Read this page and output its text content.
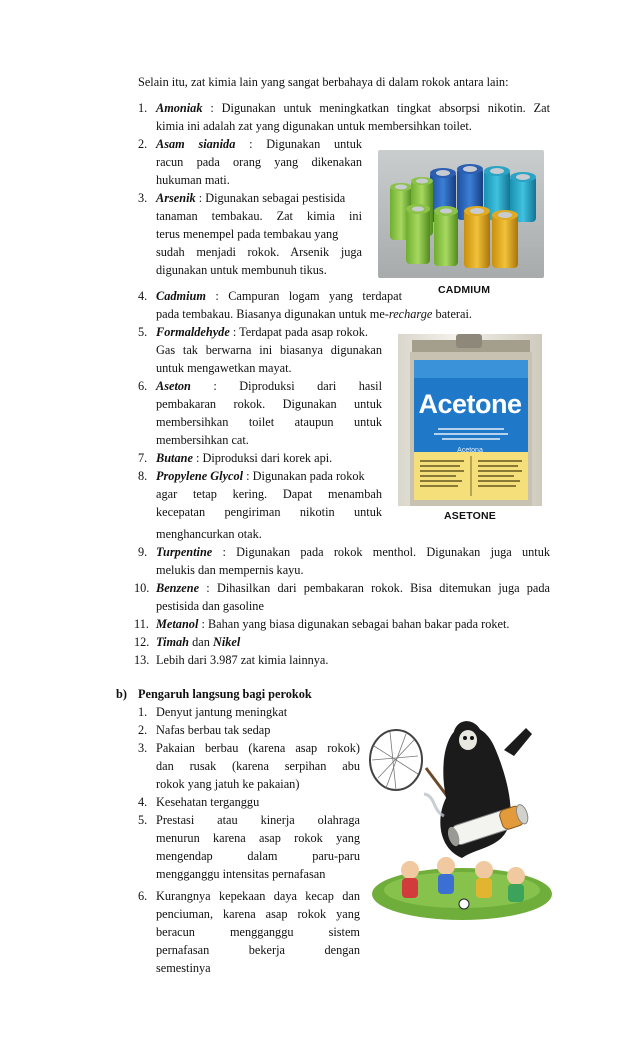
Selain itu, zat kimia lain yang sangat berbahaya di dalam rokok antara lain:
1. Amoniak : Digunakan untuk meningkatkan tingkat absorpsi nikotin. Zat
kimia ini adalah zat yang digunakan untuk membersihkan toilet.
2. Asam sianida : Digunakan untuk
racun pada orang yang dikenakan
hukuman mati.
3. Arsenik : Digunakan sebagai pestisida
tanaman tembakau. Zat kimia ini
terus menempel pada tembakau yang
sudah menjadi rokok. Arsenik juga
digunakan untuk membunuh tikus.
CADMIUM
4. Cadmium : Campuran logam yang terdapat
pada tembakau. Biasanya digunakan untuk me-recharge baterai.
5. Formaldehyde : Terdapat pada asap rokok.
Gas tak berwarna ini biasanya digunakan
untuk mengawetkan mayat.
6. Aseton : Diproduksi dari hasil
pembakaran rokok. Digunakan untuk
membersihkan toilet ataupun untuk
membersihkan cat.
Acetone
Acetona
ASETONE
7. Butane : Diproduksi dari korek api.
8. Propylene Glycol : Digunakan pada rokok
agar tetap kering. Dapat menambah
kecepatan pengiriman nikotin untuk
menghancurkan otak.
9. Turpentine : Digunakan pada rokok menthol. Digunakan juga untuk
melukis dan mempernis kayu.
10. Benzene : Dihasilkan dari pembakaran rokok. Bisa ditemukan juga pada
pestisida dan gasoline
11. Metanol : Bahan yang biasa digunakan sebagai bahan bakar pada roket.
12. Timah dan Nikel
13. Lebih dari 3.987 zat kimia lainnya.
b) Pengaruh langsung bagi perokok
1. Denyut jantung meningkat
2. Nafas berbau tak sedap
3. Pakaian berbau (karena asap rokok)
dan rusak (karena serpihan abu
rokok yang jatuh ke pakaian)
4. Kesehatan terganggu
5. Prestasi atau kinerja olahraga
menurun karena asap rokok yang
mengendap dalam paru-paru
mengganggu intensitas pernafasan
6. Kurangnya kepekaan daya kecap dan
penciuman, karena asap rokok yang
beracun mengganggu sistem
pernafasan bekerja dengan
semestinya
